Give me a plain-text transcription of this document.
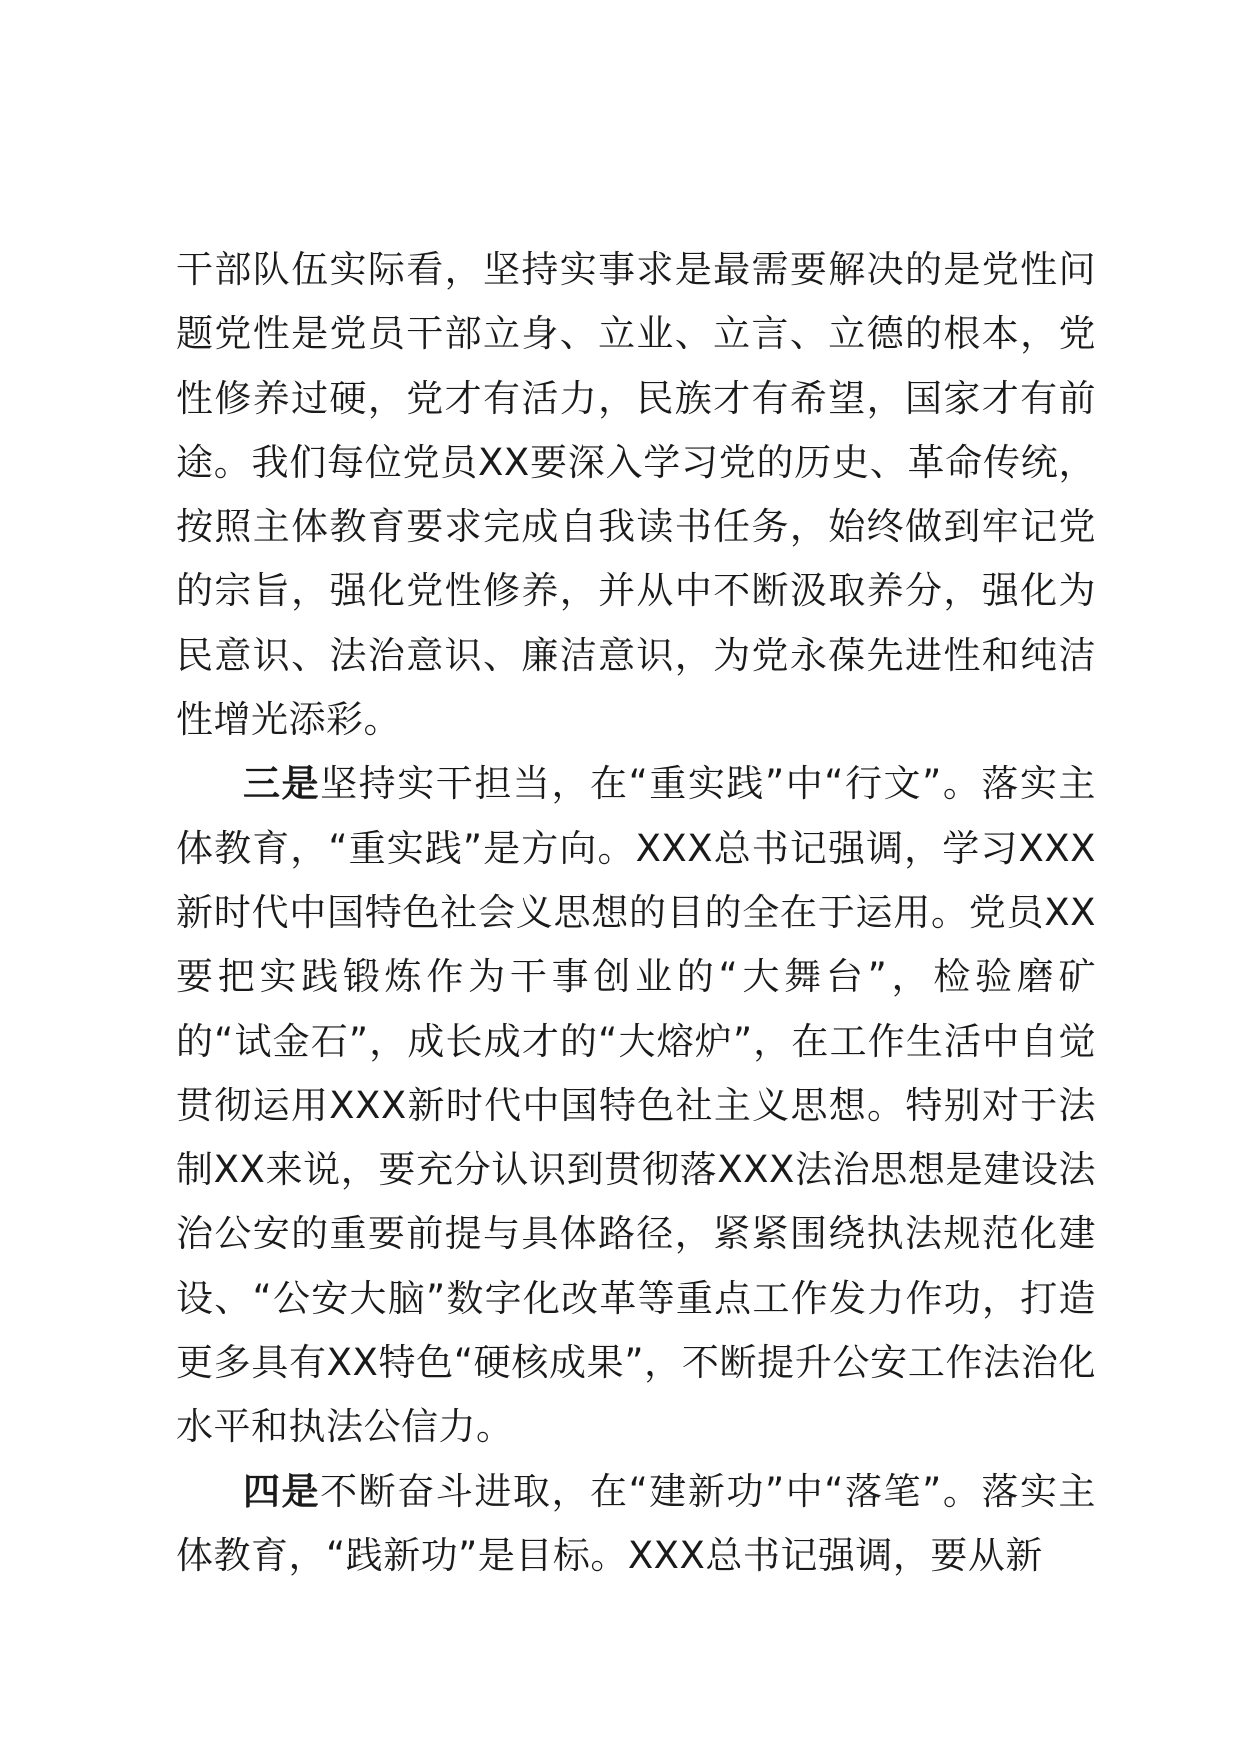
干部队伍实际看，坚持实事求是最需要解决的是党性问题党性是党员干部立身、立业、立言、立德的根本，党性修养过硬，党才有活力，民族才有希望，国家才有前途。我们每位党员XX要深入学习党的历史、革命传统，按照主体教育要求完成自我读书任务，始终做到牢记党的宗旨，强化党性修养，并从中不断汲取养分，强化为民意识、法治意识、廉洁意识，为党永葆先进性和纯洁性增光添彩。

三是坚持实干担当，在“重实践”中“行文”。落实主体教育，“重实践”是方向。XXX总书记强调，学习XXX新时代中国特色社会义思想的目的全在于运用。党员XX要把实践锻炼作为干事创业的“大舞台”，检验磨矿的“试金石”，成长成才的“大熔炉”，在工作生活中自觉贯彻运用XXX新时代中国特色社主义思想。特别对于法制XX来说，要充分认识到贯彻落XXX法治思想是建设法治公安的重要前提与具体路径，紧紧围绕执法规范化建设、“公安大脑”数字化改革等重点工作发力作功，打造更多具有XX特色“硬核成果”，不断提升公安工作法治化水平和执法公信力。

四是不断奋斗进取，在“建新功”中“落笔”。落实主体教育，“践新功”是目标。XXX总书记强调，要从新
